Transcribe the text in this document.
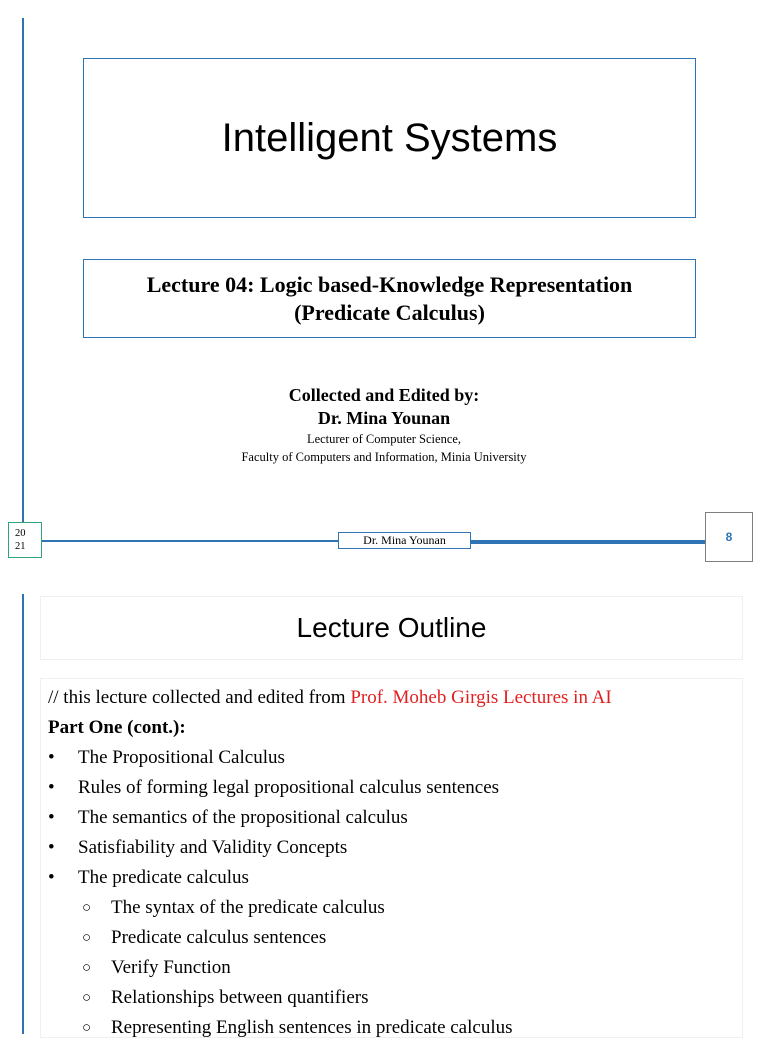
Intelligent Systems
Lecture 04: Logic based-Knowledge Representation
(Predicate Calculus)
Collected and Edited by:
Dr. Mina Younan
Lecturer of Computer Science,
Faculty of Computers and Information, Minia University
20
21	Dr. Mina Younan	8
Lecture Outline
// this lecture collected and edited from Prof. Moheb Girgis Lectures in AI
Part One (cont.):
• The Propositional Calculus
• Rules of forming legal propositional calculus sentences
• The semantics of the propositional calculus
• Satisfiability and Validity Concepts
• The predicate calculus
○ The syntax of the predicate calculus
○ Predicate calculus sentences
○ Verify Function
○ Relationships between quantifiers
○ Representing English sentences in predicate calculus
